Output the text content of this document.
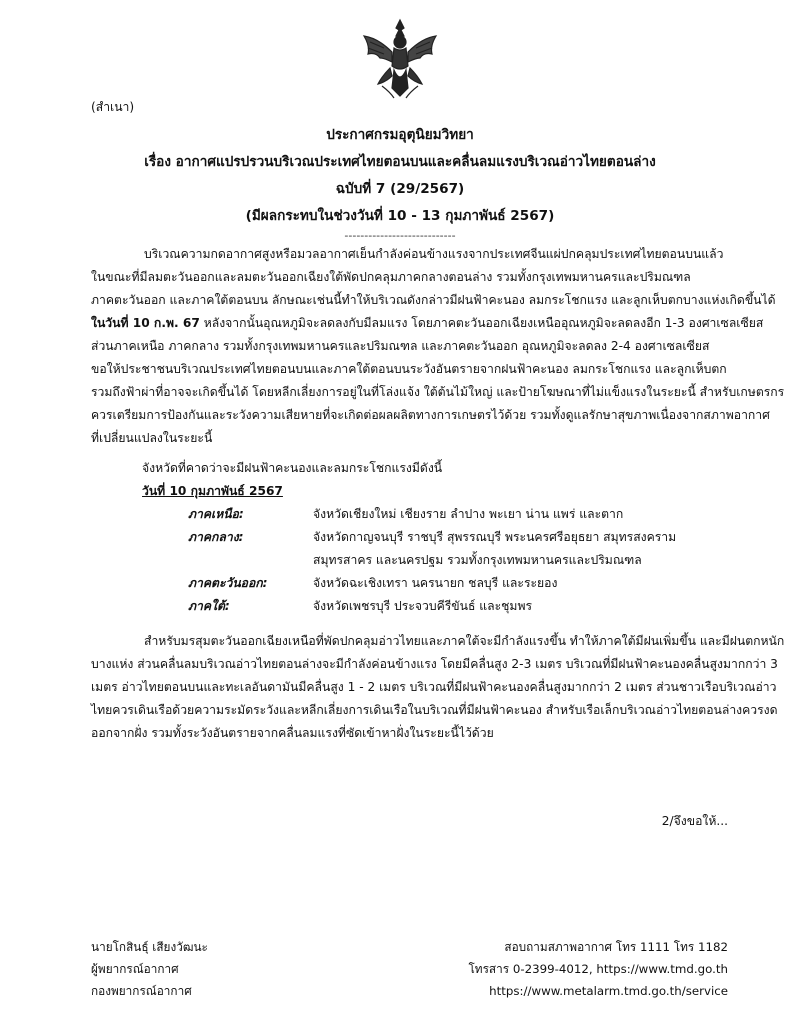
(สำเนา)
ประกาศกรมอุตุนิยมวิทยา
เรื่อง อากาศแปรปรวนบริเวณประเทศไทยตอนบนและคลื่นลมแรงบริเวณอ่าวไทยตอนล่าง
ฉบับที่ 7 (29/2567)
(มีผลกระทบในช่วงวันที่ 10 - 13 กุมภาพันธ์ 2567)
----------------------------
บริเวณความกดอากาศสูงหรือมวลอากาศเย็นกำลังค่อนข้างแรงจากประเทศจีนแผ่ปกคลุมประเทศไทยตอนบนแล้ว
ในขณะที่มีลมตะวันออกและลมตะวันออกเฉียงใต้พัดปกคลุมภาคกลางตอนล่าง รวมทั้งกรุงเทพมหานครและปริมณฑล
ภาคตะวันออก และภาคใต้ตอนบน ลักษณะเช่นนี้ทำให้บริเวณดังกล่าวมีฝนฟ้าคะนอง ลมกระโชกแรง และลูกเห็บตกบางแห่งเกิดขึ้นได้
ในวันที่ 10 ก.พ. 67 หลังจากนั้นอุณหภูมิจะลดลงกับมีลมแรง โดยภาคตะวันออกเฉียงเหนืออุณหภูมิจะลดลงอีก 1-3 องศาเซลเซียส
ส่วนภาคเหนือ ภาคกลาง รวมทั้งกรุงเทพมหานครและปริมณฑล และภาคตะวันออก อุณหภูมิจะลดลง 2-4 องศาเซลเซียส
ขอให้ประชาชนบริเวณประเทศไทยตอนบนและภาคใต้ตอนบนระวังอันตรายจากฝนฟ้าคะนอง ลมกระโชกแรง และลูกเห็บตก
รวมถึงฟ้าผ่าที่อาจจะเกิดขึ้นได้ โดยหลีกเลี่ยงการอยู่ในที่โล่งแจ้ง ใต้ต้นไม้ใหญ่ และป้ายโฆษณาที่ไม่แข็งแรงในระยะนี้ สำหรับเกษตรกร
ควรเตรียมการป้องกันและระวังความเสียหายที่จะเกิดต่อผลผลิตทางการเกษตรไว้ด้วย รวมทั้งดูแลรักษาสุขภาพเนื่องจากสภาพอากาศ
ที่เปลี่ยนแปลงในระยะนี้
จังหวัดที่คาดว่าจะมีฝนฟ้าคะนองและลมกระโชกแรงมีดังนี้
วันที่ 10 กุมภาพันธ์ 2567
ภาคเหนือ:	จังหวัดเชียงใหม่ เชียงราย ลำปาง พะเยา น่าน แพร่ และตาก
ภาคกลาง:	จังหวัดกาญจนบุรี ราชบุรี สุพรรณบุรี พระนครศรีอยุธยา สมุทรสงคราม
สมุทรสาคร และนครปฐม รวมทั้งกรุงเทพมหานครและปริมณฑล
ภาคตะวันออก:	จังหวัดฉะเชิงเทรา นครนายก ชลบุรี และระยอง
ภาคใต้:	จังหวัดเพชรบุรี ประจวบคีรีขันธ์ และชุมพร
สำหรับมรสุมตะวันออกเฉียงเหนือที่พัดปกคลุมอ่าวไทยและภาคใต้จะมีกำลังแรงขึ้น ทำให้ภาคใต้มีฝนเพิ่มขึ้น และมีฝนตกหนัก
บางแห่ง ส่วนคลื่นลมบริเวณอ่าวไทยตอนล่างจะมีกำลังค่อนข้างแรง โดยมีคลื่นสูง 2-3 เมตร บริเวณที่มีฝนฟ้าคะนองคลื่นสูงมากกว่า 3
เมตร อ่าวไทยตอนบนและทะเลอันดามันมีคลื่นสูง 1 - 2 เมตร บริเวณที่มีฝนฟ้าคะนองคลื่นสูงมากกว่า 2 เมตร ส่วนชาวเรือบริเวณอ่าว
ไทยควรเดินเรือด้วยความระมัดระวังและหลีกเลี่ยงการเดินเรือในบริเวณที่มีฝนฟ้าคะนอง สำหรับเรือเล็กบริเวณอ่าวไทยตอนล่างควรงด
ออกจากฝั่ง รวมทั้งระวังอันตรายจากคลื่นลมแรงที่ซัดเข้าหาฝั่งในระยะนี้ไว้ด้วย
2/จึงขอให้...
นายโกสินธุ์ เสียงวัฒนะ
ผู้พยากรณ์อากาศ
กองพยากรณ์อากาศ
สอบถามสภาพอากาศ โทร 1111 โทร 1182
โทรสาร 0-2399-4012, https://www.tmd.go.th
https://www.metalarm.tmd.go.th/service
